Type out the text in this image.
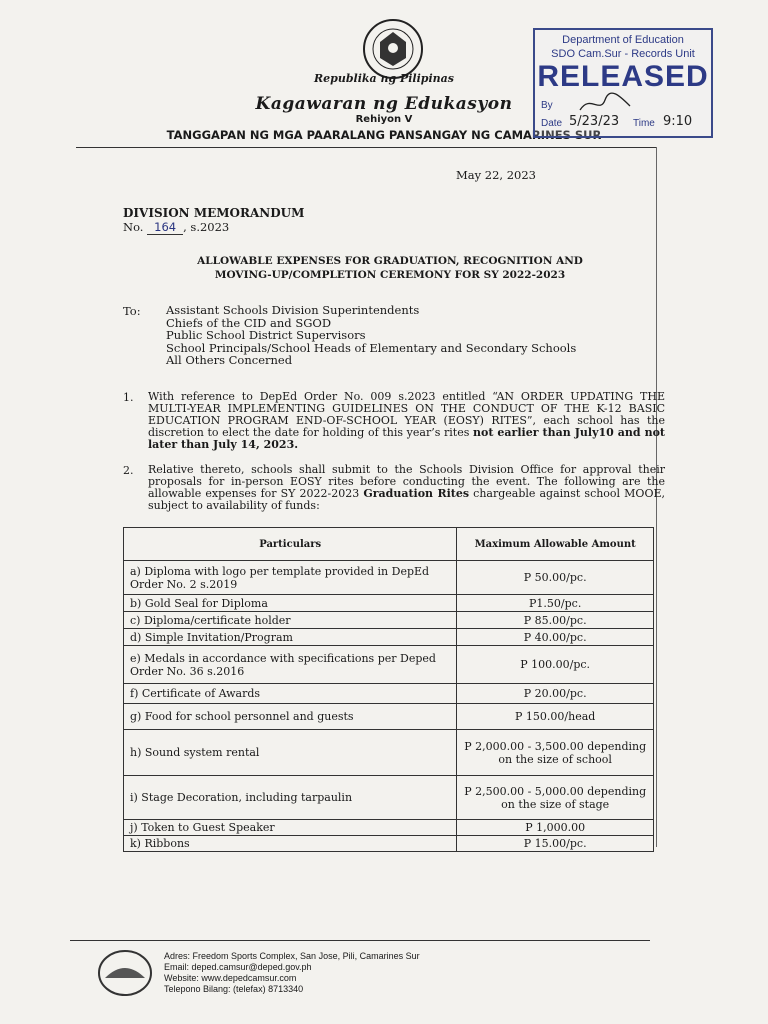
Republika ng Pilipinas
Kagawaran ng Edukasyon
Rehiyon V
TANGGAPAN NG MGA PAARALANG PANSANGAY NG CAMARINES SUR
Department of Education
SDO Cam.Sur - Records Unit
RELEASED
By
Date 5/23/23 Time 9:10
May 22, 2023
DIVISION MEMORANDUM
No. 164 , s.2023
ALLOWABLE EXPENSES FOR GRADUATION, RECOGNITION AND
MOVING-UP/COMPLETION CEREMONY FOR SY 2022-2023
To: Assistant Schools Division Superintendents
Chiefs of the CID and SGOD
Public School District Supervisors
School Principals/School Heads of Elementary and Secondary Schools
All Others Concerned
1. With reference to DepEd Order No. 009 s.2023 entitled “AN ORDER UPDATING THE MULTI-YEAR IMPLEMENTING GUIDELINES ON THE CONDUCT OF THE K-12 BASIC EDUCATION PROGRAM END-OF-SCHOOL YEAR (EOSY) RITES”, each school has the discretion to elect the date for holding of this year’s rites not earlier than July10 and not later than July 14, 2023.
2. Relative thereto, schools shall submit to the Schools Division Office for approval their proposals for in-person EOSY rites before conducting the event. The following are the allowable expenses for SY 2022-2023 Graduation Rites chargeable against school MOOE, subject to availability of funds:
Particulars	Maximum Allowable Amount
a) Diploma with logo per template provided in DepEd Order No. 2 s.2019	P 50.00/pc.
b) Gold Seal for Diploma	P1.50/pc.
c) Diploma/certificate holder	P 85.00/pc.
d) Simple Invitation/Program	P 40.00/pc.
e) Medals in accordance with specifications per Deped Order No. 36 s.2016	P 100.00/pc.
f) Certificate of Awards	P 20.00/pc.
g) Food for school personnel and guests	P 150.00/head
h) Sound system rental	P 2,000.00 - 3,500.00 depending on the size of school
i) Stage Decoration, including tarpaulin	P 2,500.00 - 5,000.00 depending on the size of stage
j) Token to Guest Speaker	P 1,000.00
k) Ribbons	P 15.00/pc.
Adres: Freedom Sports Complex, San Jose, Pili, Camarines Sur
Email: deped.camsur@deped.gov.ph
Website: www.depedcamsur.com
Telepono Bilang: (telefax) 8713340
